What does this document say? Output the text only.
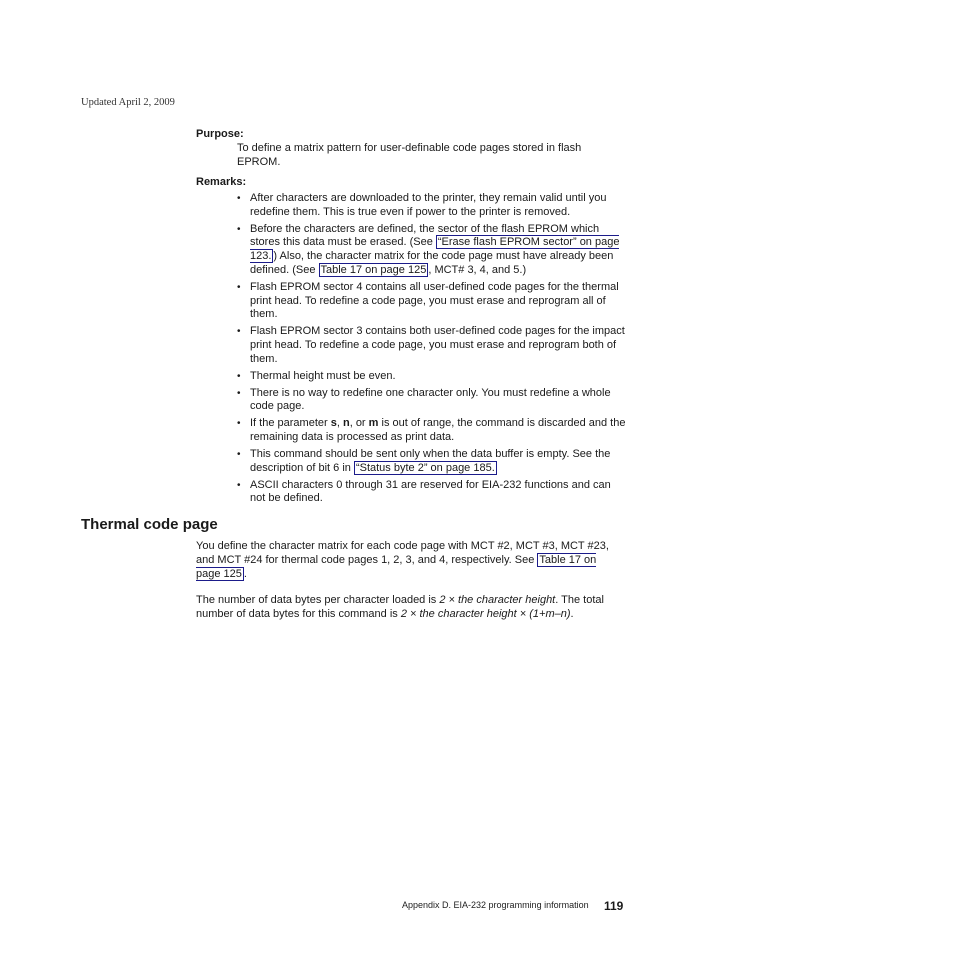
Updated April 2, 2009
Purpose:
To define a matrix pattern for user-definable code pages stored in flash EPROM.
Remarks:
• After characters are downloaded to the printer, they remain valid until you redefine them. This is true even if power to the printer is removed.
• Before the characters are defined, the sector of the flash EPROM which stores this data must be erased. (See “Erase flash EPROM sector” on page 123. ) Also, the character matrix for the code page must have already been defined. (See Table 17 on page 125 , MCT# 3, 4, and 5.)
• Flash EPROM sector 4 contains all user-defined code pages for the thermal print head. To redefine a code page, you must erase and reprogram all of them.
• Flash EPROM sector 3 contains both user-defined code pages for the impact print head. To redefine a code page, you must erase and reprogram both of them.
• Thermal height must be even.
• There is no way to redefine one character only. You must redefine a whole code page.
• If the parameter s, n, or m is out of range, the command is discarded and the remaining data is processed as print data.
• This command should be sent only when the data buffer is empty. See the description of bit 6 in “Status byte 2” on page 185.
• ASCII characters 0 through 31 are reserved for EIA-232 functions and can not be defined.
Thermal code page

You define the character matrix for each code page with MCT #2, MCT #3, MCT #23, and MCT #24 for thermal code pages 1, 2, 3, and 4, respectively. See Table 17 on page 125 .

The number of data bytes per character loaded is 2 × the character height. The total number of data bytes for this command is 2 × the character height × (1+m–n).

Appendix D. EIA-232 programming information 119
